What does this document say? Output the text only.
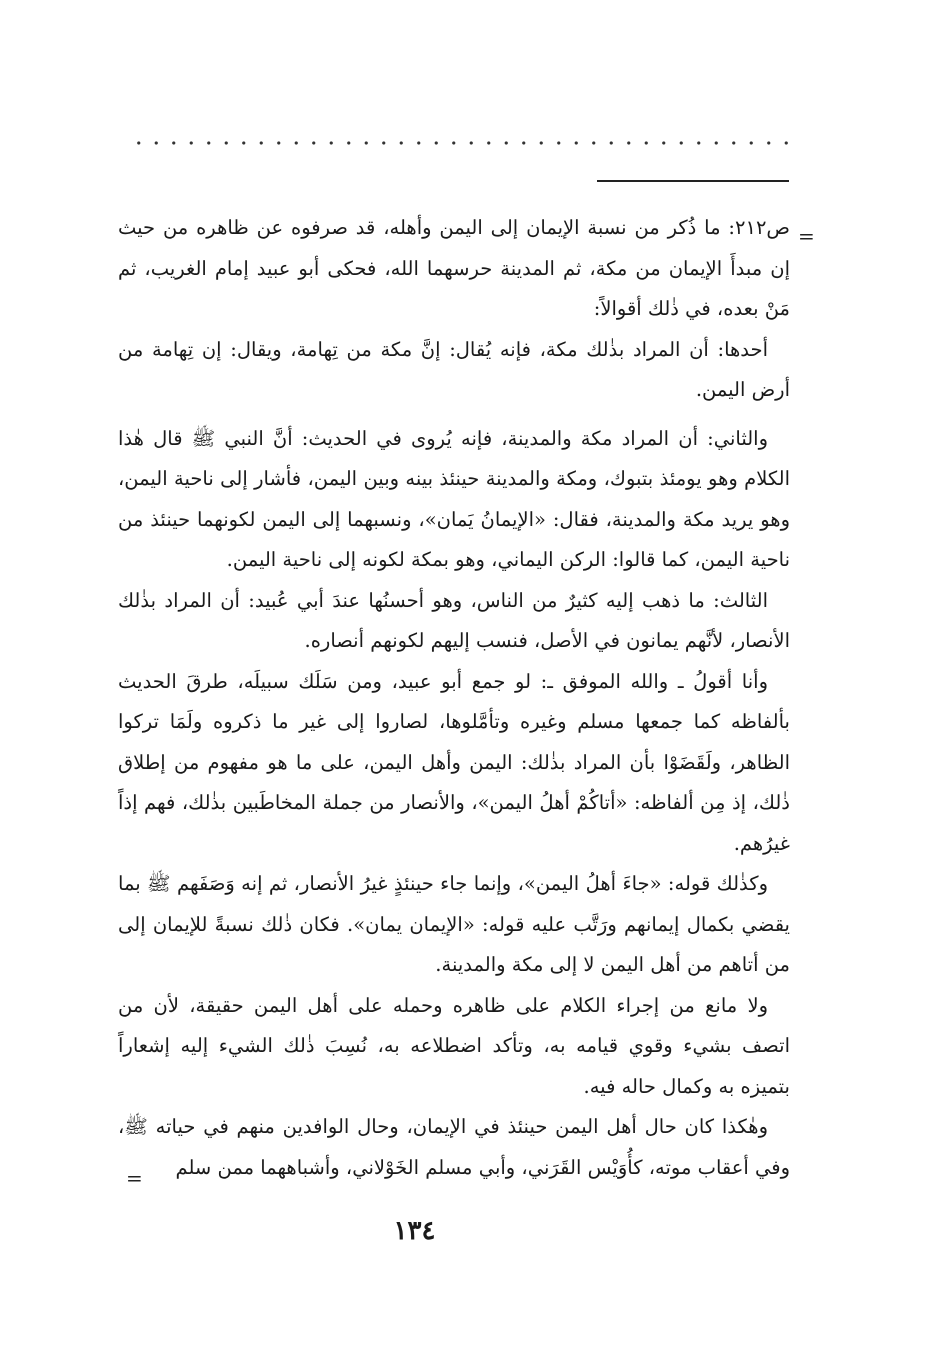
=

ص٢١٢: ما ذُكر من نسبة الإيمان إلى اليمن وأهله، قد صرفوه عن ظاهره من حيث إن مبدأَ الإيمان من مكة، ثم المدينة حرسهما الله، فحكى أبو عبيد إمام الغريب، ثم مَنْ بعده، في ذٰلك أقوالاً:

أحدها: أن المراد بذٰلك مكة، فإنه يُقال: إنَّ مكة من تِهامة، ويقال: إن تِهامة من أرض اليمن.

والثاني: أن المراد مكة والمدينة، فإنه يُروى في الحديث: أنَّ النبي ﷺ قال هٰذا الكلام وهو يومئذ بتبوك، ومكة والمدينة حينئذ بينه وبين اليمن، فأشار إلى ناحية اليمن، وهو يريد مكة والمدينة، فقال: «الإيمانُ يَمان»، ونسبهما إلى اليمن لكونهما حينئذ من ناحية اليمن، كما قالوا: الركن اليماني، وهو بمكة لكونه إلى ناحية اليمن.

الثالث: ما ذهب إليه كثيرٌ من الناس، وهو أحسنُها عندَ أبي عُبيد: أن المراد بذٰلك الأنصار، لأنَّهم يمانون في الأصل، فنسب إليهم لكونهم أنصاره.

وأنا أقولُ ـ والله الموفق ـ: لو جمع أبو عبيد، ومن سَلَك سبيلَه، طرقَ الحديث بألفاظه كما جمعها مسلم وغيره وتأمَّلوها، لصاروا إلى غير ما ذكروه ولَمَا تركوا الظاهر، ولَقَضَوْا بأن المراد بذٰلك: اليمن وأهل اليمن، على ما هو مفهوم من إطلاق ذٰلك، إذ مِن ألفاظه: «أتاكُمْ أهلُ اليمن»، والأنصار من جملة المخاطَبين بذٰلك، فهم إذاً غيرُهم.

وكذٰلك قوله: «جاءَ أهلُ اليمن»، وإنما جاء حينئذٍ غيرُ الأنصار، ثم إنه وَصَفَهم ﷺ بما يقضي بكمال إيمانهم ورَتَّب عليه قوله: «الإيمان يمان». فكان ذٰلك نسبةً للإيمان إلى من أتاهم من أهل اليمن لا إلى مكة والمدينة.

ولا مانع من إجراء الكلام على ظاهره وحمله على أهل اليمن حقيقة، لأن من اتصف بشيء وقوي قيامه به، وتأكد اضطلاعه به، نُسِبَ ذٰلك الشيء إليه إشعاراً بتميزه به وكمال حاله فيه.

وهٰكذا كان حال أهل اليمن حينئذ في الإيمان، وحال الوافدين منهم في حياته ﷺ، وفي أعقاب موته، كأُوَيْس القَرَني، وأبي مسلم الخَوْلاني، وأشباههما ممن سلم

=
١٣٤
